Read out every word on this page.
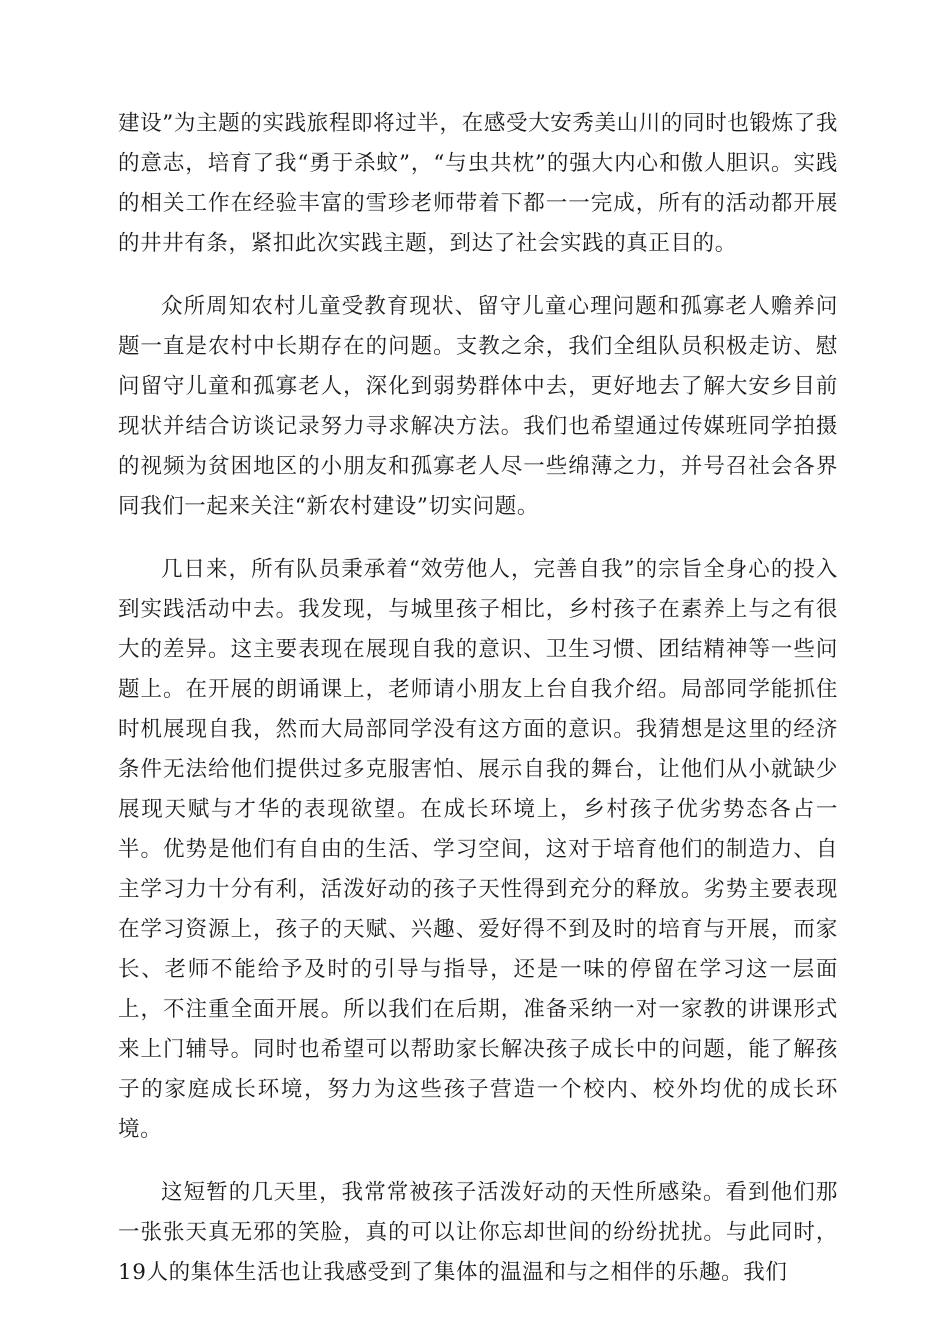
建设”为主题的实践旅程即将过半，在感受大安秀美山川的同时也锻炼了我的意志，培育了我“勇于杀蚊”，“与虫共枕”的强大内心和傲人胆识。实践的相关工作在经验丰富的雪珍老师带着下都一一完成，所有的活动都开展的井井有条，紧扣此次实践主题，到达了社会实践的真正目的。

众所周知农村儿童受教育现状、留守儿童心理问题和孤寡老人赡养问题一直是农村中长期存在的问题。支教之余，我们全组队员积极走访、慰问留守儿童和孤寡老人，深化到弱势群体中去，更好地去了解大安乡目前现状并结合访谈记录努力寻求解决方法。我们也希望通过传媒班同学拍摄的视频为贫困地区的小朋友和孤寡老人尽一些绵薄之力，并号召社会各界同我们一起来关注“新农村建设”切实问题。

几日来，所有队员秉承着“效劳他人，完善自我”的宗旨全身心的投入到实践活动中去。我发现，与城里孩子相比，乡村孩子在素养上与之有很大的差异。这主要表现在展现自我的意识、卫生习惯、团结精神等一些问题上。在开展的朗诵课上，老师请小朋友上台自我介绍。局部同学能抓住时机展现自我，然而大局部同学没有这方面的意识。我猜想是这里的经济条件无法给他们提供过多克服害怕、展示自我的舞台，让他们从小就缺少展现天赋与才华的表现欲望。在成长环境上，乡村孩子优劣势态各占一半。优势是他们有自由的生活、学习空间，这对于培育他们的制造力、自主学习力十分有利，活泼好动的孩子天性得到充分的释放。劣势主要表现在学习资源上，孩子的天赋、兴趣、爱好得不到及时的培育与开展，而家长、老师不能给予及时的引导与指导，还是一味的停留在学习这一层面上，不注重全面开展。所以我们在后期，准备采纳一对一家教的讲课形式来上门辅导。同时也希望可以帮助家长解决孩子成长中的问题，能了解孩子的家庭成长环境，努力为这些孩子营造一个校内、校外均优的成长环境。

这短暂的几天里，我常常被孩子活泼好动的天性所感染。看到他们那一张张天真无邪的笑脸，真的可以让你忘却世间的纷纷扰扰。与此同时，19人的集体生活也让我感受到了集体的温温和与之相伴的乐趣。我们
